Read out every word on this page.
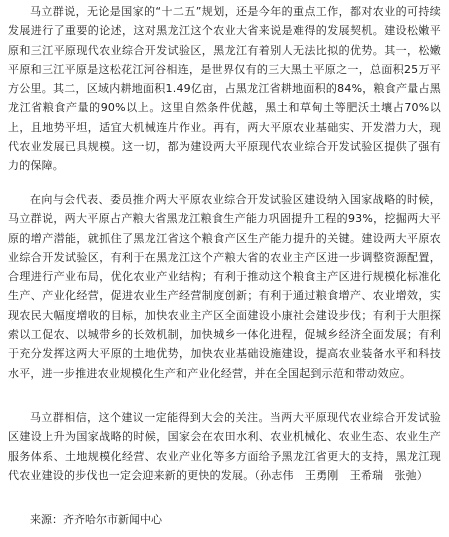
马立群说，无论是国家的“十二五”规划，还是今年的重点工作，都对农业的可持续发展进行了重要的论述，这对黑龙江这个农业大省来说是难得的发展契机。建设松嫩平原和三江平原现代农业综合开发试验区，黑龙江有着别人无法比拟的优势。其一，松嫩平原和三江平原是这松花江河谷相连，是世界仅有的三大黑土平原之一，总面积25万平方公里。其二，区域内耕地面积1.49亿亩，占黑龙江省耕地面积的84%，粮食产量占黑龙江省粮食产量的90%以上。这里自然条件优越，黑土和草甸土等肥沃土壤占70%以上，且地势平坦，适宜大机械连片作业。再有，两大平原农业基础实、开发潜力大，现代农业发展已具规模。这一切，都为建设两大平原现代农业综合开发试验区提供了强有力的保障。

在向与会代表、委员推介两大平原农业综合开发试验区建设纳入国家战略的时候，马立群说，两大平原占产粮大省黑龙江粮食生产能力巩固提升工程的93%，挖掘两大平原的增产潜能，就抓住了黑龙江省这个粮食产区生产能力提升的关键。建设两大平原农业综合开发试验区，有利于在黑龙江这个产粮大省的农业主产区进一步调整资源配置，合理进行产业布局，优化农业产业结构；有利于推动这个粮食主产区进行规模化标准化生产、产业化经营，促进农业生产经营制度创新；有利于通过粮食增产、农业增效，实现农民大幅度增收的目标，加快农业主产区全面建设小康社会建设步伐；有利于大胆探索以工促农、以城带乡的长效机制，加快城乡一体化进程，促城乡经济全面发展；有利于充分发挥这两大平原的土地优势，加快农业基础设施建设，提高农业装备水平和科技水平，进一步推进农业规模化生产和产业化经营，并在全国起到示范和带动效应。

马立群相信，这个建议一定能得到大会的关注。当两大平原现代农业综合开发试验区建设上升为国家战略的时候，国家会在农田水利、农业机械化、农业生态、农业生产服务体系、土地规模化经营、农业产业化等多方面给予黑龙江省更大的支持，黑龙江现代农业建设的步伐也一定会迎来新的更快的发展。（孙志伟　王勇刚　王希瑞　张弛）

来源：齐齐哈尔市新闻中心
